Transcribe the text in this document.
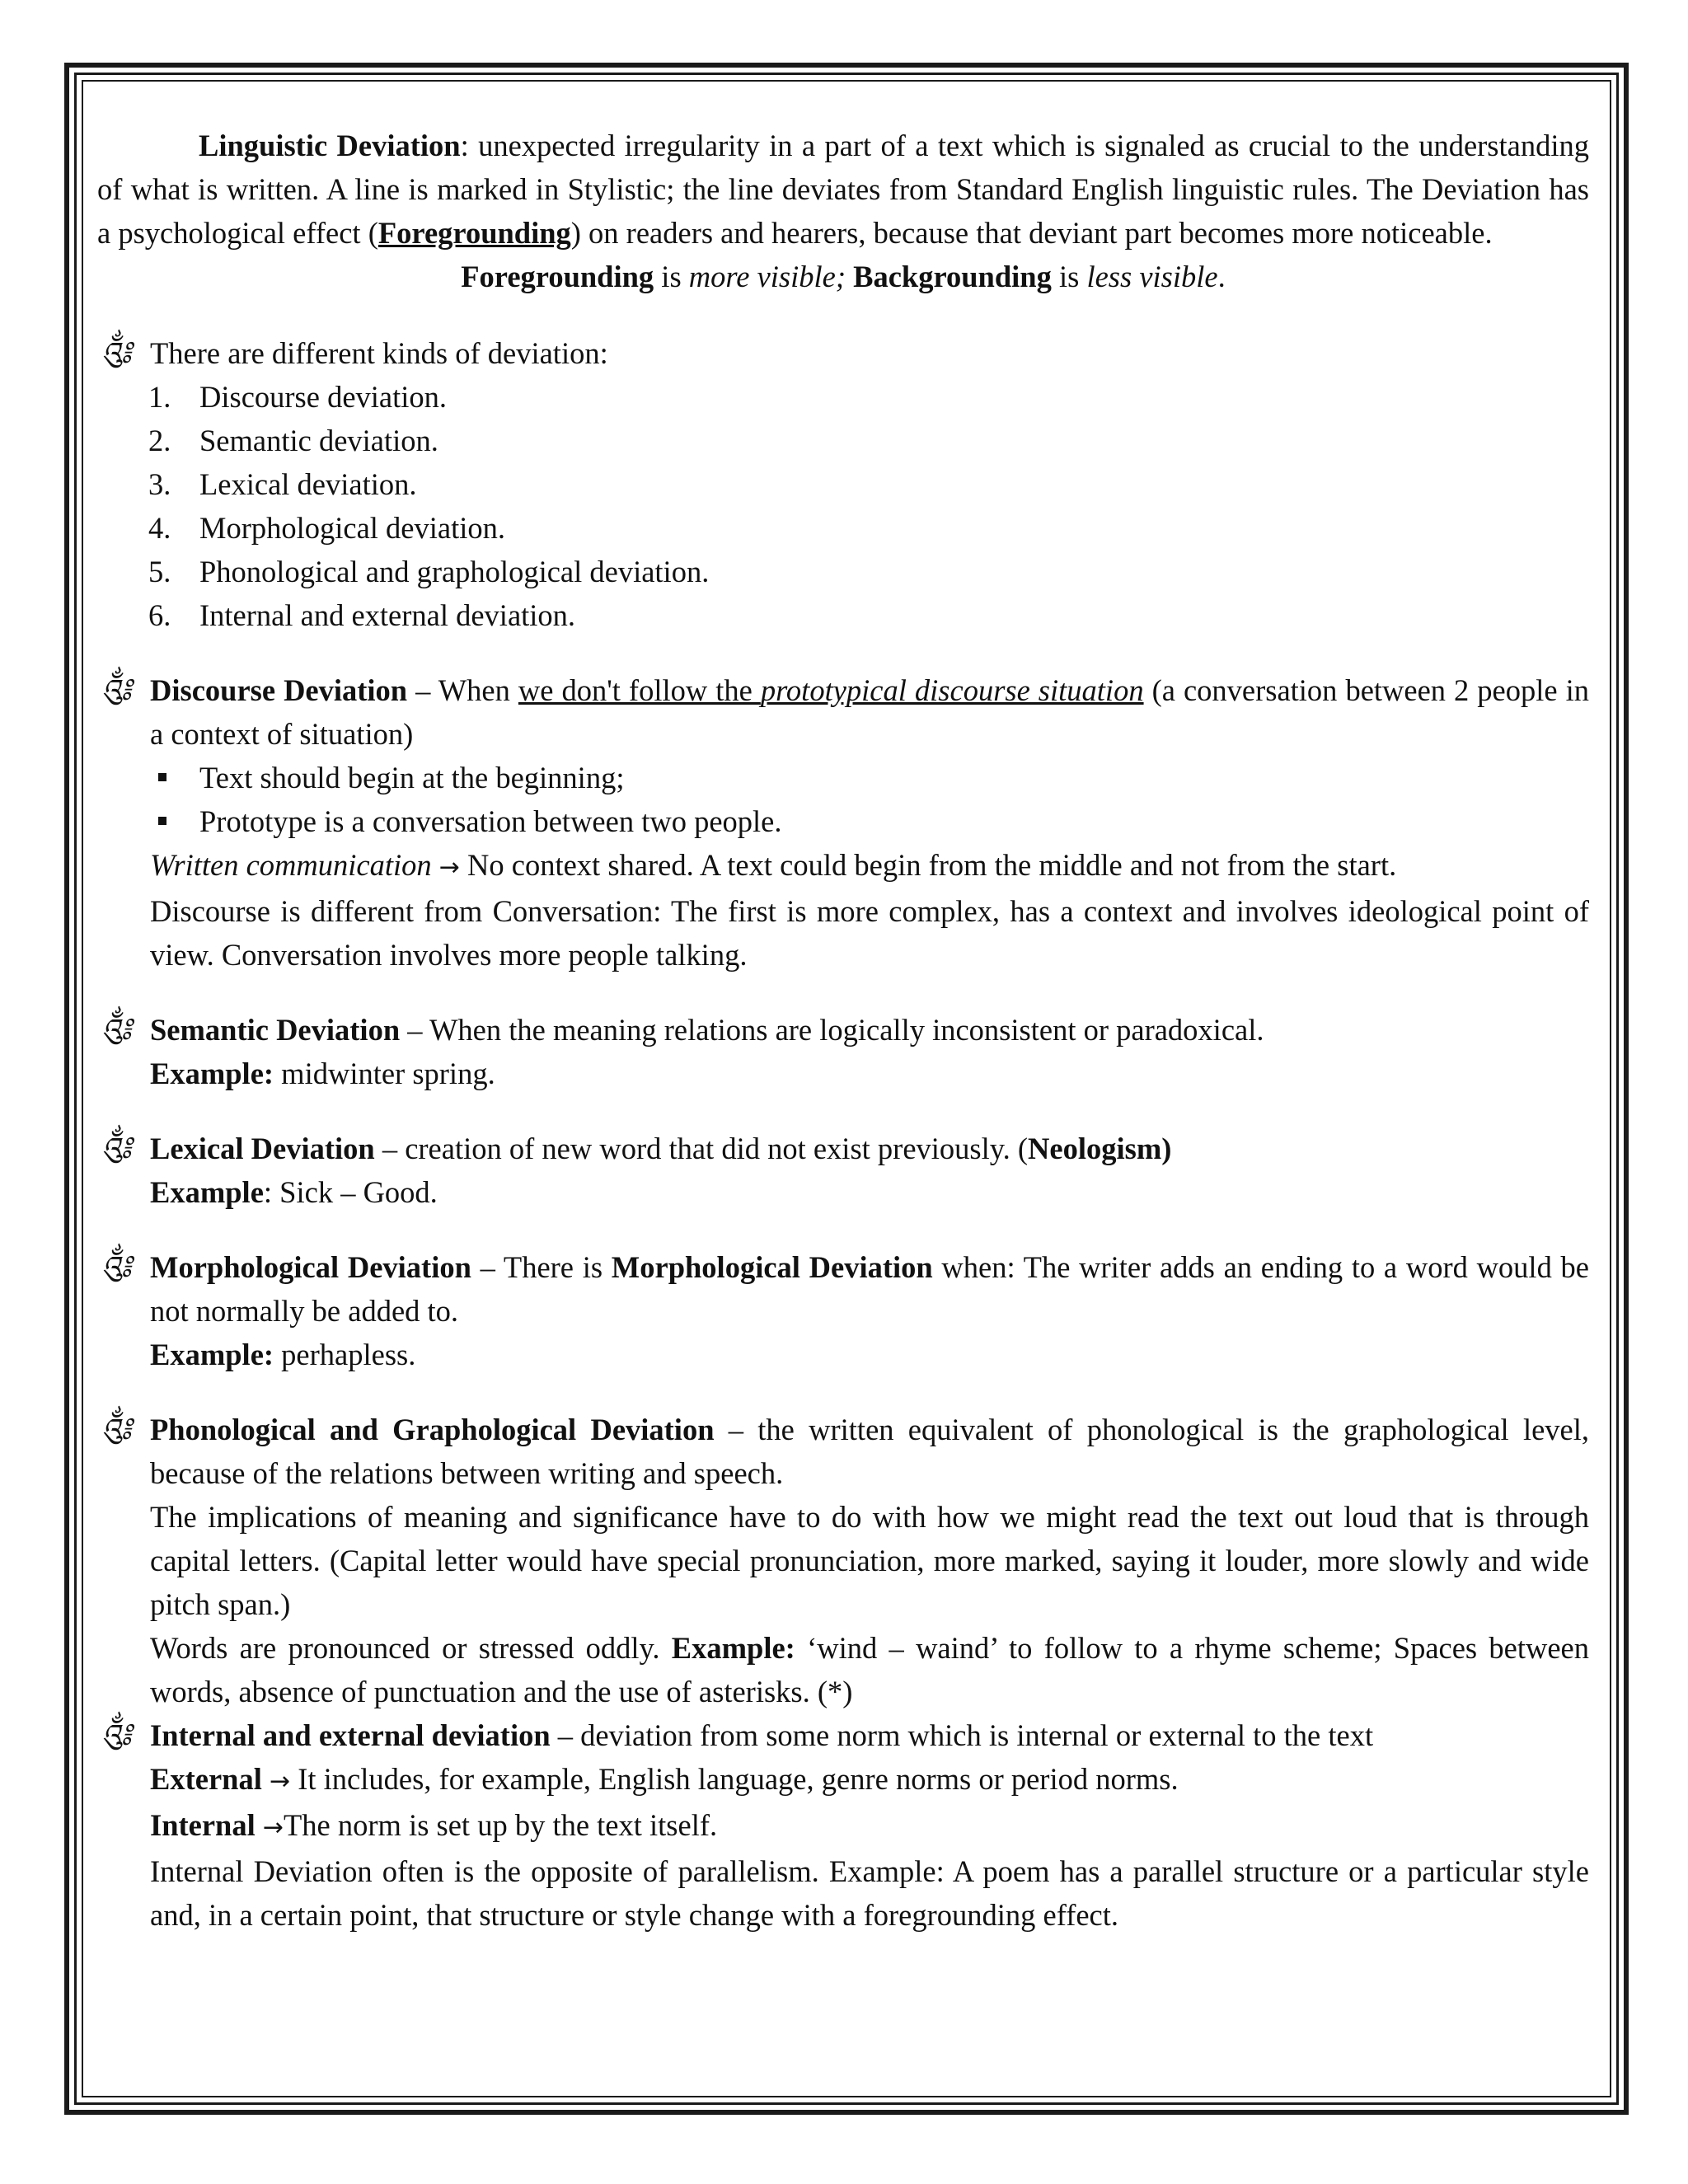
Linguistic Deviation: unexpected irregularity in a part of a text which is signaled as crucial to the understanding of what is written. A line is marked in Stylistic; the line deviates from Standard English linguistic rules. The Deviation has a psychological effect (Foregrounding) on readers and hearers, because that deviant part becomes more noticeable.

Foregrounding is more visible; Backgrounding is less visible.

༃ There are different kinds of deviation:

1. Discourse deviation.
2. Semantic deviation.
3. Lexical deviation.
4. Morphological deviation.
5. Phonological and graphological deviation.
6. Internal and external deviation.
༃ Discourse Deviation – When we don't follow the prototypical discourse situation (a conversation between 2 people in a context of situation)

Text should begin at the beginning;
Prototype is a conversation between two people.

Written communication → No context shared. A text could begin from the middle and not from the start.

Discourse is different from Conversation: The first is more complex, has a context and involves ideological point of view. Conversation involves more people talking.

༃ Semantic Deviation – When the meaning relations are logically inconsistent or paradoxical.

Example: midwinter spring.

༃ Lexical Deviation – creation of new word that did not exist previously. (Neologism)

Example: Sick – Good.

༃ Morphological Deviation – There is Morphological Deviation when: The writer adds an ending to a word would be not normally be added to.

Example: perhapless.

༃ Phonological and Graphological Deviation – the written equivalent of phonological is the graphological level, because of the relations between writing and speech.

The implications of meaning and significance have to do with how we might read the text out loud that is through capital letters. (Capital letter would have special pronunciation, more marked, saying it louder, more slowly and wide pitch span.)

Words are pronounced or stressed oddly. Example: ‘wind – waind’ to follow to a rhyme scheme; Spaces between words, absence of punctuation and the use of asterisks. (*)

༃ Internal and external deviation – deviation from some norm which is internal or external to the text

External → It includes, for example, English language, genre norms or period norms.

Internal →The norm is set up by the text itself.

Internal Deviation often is the opposite of parallelism. Example: A poem has a parallel structure or a particular style and, in a certain point, that structure or style change with a foregrounding effect.
